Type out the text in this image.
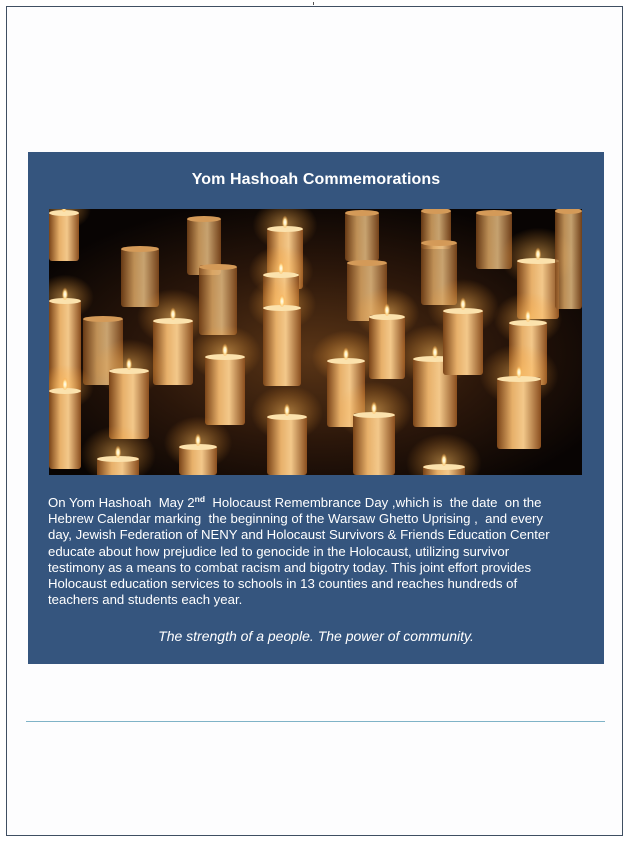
Yom Hashoah Commemorations
On Yom Hashoah  May 2nd  Holocaust Remembrance Day ,which is  the date  on the
Hebrew Calendar marking  the beginning of the Warsaw Ghetto Uprising ,  and every
day, Jewish Federation of NENY and Holocaust Survivors & Friends Education Center
educate about how prejudice led to genocide in the Holocaust, utilizing survivor
testimony as a means to combat racism and bigotry today. This joint effort provides
Holocaust education services to schools in 13 counties and reaches hundreds of
teachers and students each year.
The strength of a people. The power of community.
